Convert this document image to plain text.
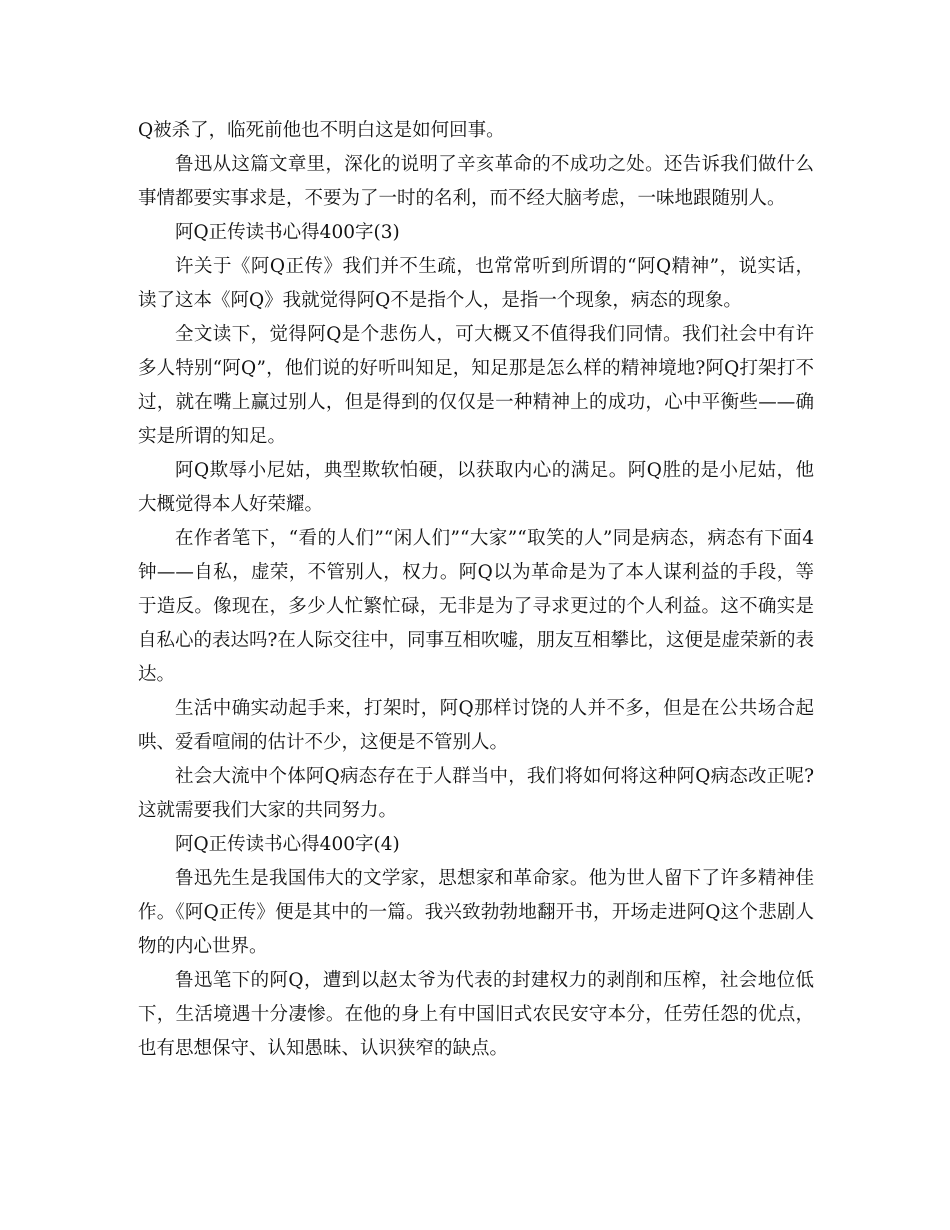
Q被杀了，临死前他也不明白这是如何回事。

鲁迅从这篇文章里，深化的说明了辛亥革命的不成功之处。还告诉我们做什么事情都要实事求是，不要为了一时的名利，而不经大脑考虑，一味地跟随别人。

阿Q正传读书心得400字(3)

许关于《阿Q正传》我们并不生疏，也常常听到所谓的“阿Q精神”，说实话，读了这本《阿Q》我就觉得阿Q不是指个人，是指一个现象，病态的现象。

全文读下，觉得阿Q是个悲伤人，可大概又不值得我们同情。我们社会中有许多人特别“阿Q”，他们说的好听叫知足，知足那是怎么样的精神境地?阿Q打架打不过，就在嘴上赢过别人，但是得到的仅仅是一种精神上的成功，心中平衡些——确实是所谓的知足。

阿Q欺辱小尼姑，典型欺软怕硬，以获取内心的满足。阿Q胜的是小尼姑，他大概觉得本人好荣耀。

在作者笔下，“看的人们”“闲人们”“大家”“取笑的人”同是病态，病态有下面4钟——自私，虚荣，不管别人，权力。阿Q以为革命是为了本人谋利益的手段，等于造反。像现在，多少人忙繁忙碌，无非是为了寻求更过的个人利益。这不确实是自私心的表达吗?在人际交往中，同事互相吹嘘，朋友互相攀比，这便是虚荣新的表达。

生活中确实动起手来，打架时，阿Q那样讨饶的人并不多，但是在公共场合起哄、爱看喧闹的估计不少，这便是不管别人。

社会大流中个体阿Q病态存在于人群当中，我们将如何将这种阿Q病态改正呢?这就需要我们大家的共同努力。

阿Q正传读书心得400字(4)

鲁迅先生是我国伟大的文学家，思想家和革命家。他为世人留下了许多精神佳作。《阿Q正传》便是其中的一篇。我兴致勃勃地翻开书，开场走进阿Q这个悲剧人物的内心世界。

鲁迅笔下的阿Q，遭到以赵太爷为代表的封建权力的剥削和压榨，社会地位低下，生活境遇十分凄惨。在他的身上有中国旧式农民安守本分，任劳任怨的优点，也有思想保守、认知愚昧、认识狭窄的缺点。
